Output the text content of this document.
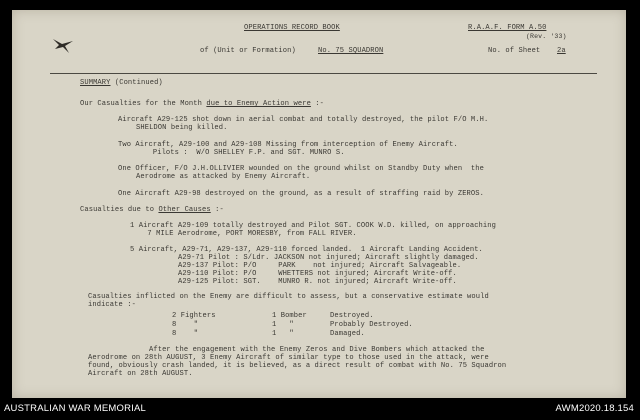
OPERATIONS RECORD BOOK	R.A.A.F. FORM A.50
(Rev. '33)
of (Unit or Formation)	No. 75 SQUADRON	No. of Sheet 2a
SUMMARY (Continued)
Our Casualties for the Month due to Enemy Action were :-
Aircraft A29-125 shot down in aerial combat and totally destroyed, the pilot F/O M.H.
SHELDON being killed.
Two Aircraft, A29-100 and A29-108 Missing from interception of Enemy Aircraft.
Pilots :  W/O SHELLEY F.P. and SGT. MUNRO S.
One Officer, F/O J.H.OLLIVIER wounded on the ground whilst on Standby Duty when  the
Aerodrome as attacked by Enemy Aircraft.
One Aircraft A29-98 destroyed on the ground, as a result of straffing raid by ZEROS.
Casualties due to Other Causes :-
1 Aircraft A29-109 totally destroyed and Pilot SGT. COOK W.D. killed, on approaching
7 MILE Aerodrome, PORT MORESBY, from FALL RIVER.
5 Aircraft, A29-71, A29-137, A29-110 forced landed.  1 Aircraft Landing Accident.
A29-71 Pilot : S/Ldr. JACKSON not injured; Aircraft slightly damaged.
A29-137 Pilot: P/O     PARK    not injured; Aircraft Salvageable.
A29-110 Pilot: P/O     WHETTERS not injured; Aircraft Write-off.
A29-125 Pilot: SGT.    MUNRO R. not injured; Aircraft Write-off.
Casualties inflicted on the Enemy are difficult to assess, but a conservative estimate would
indicate :-
2 Fighters	1 Bomber	Destroyed.
8    "	1   "	Probably Destroyed.
8    "	1   "	Damaged.
After the engagement with the Enemy Zeros and Dive Bombers which attacked the
Aerodrome on 28th AUGUST, 3 Enemy Aircraft of similar type to those used in the attack, were
found, obviously crash landed, it is believed, as a direct result of combat with No. 75 Squadron
Aircraft on 28th AUGUST.
AUSTRALIAN WAR MEMORIAL	AWM2020.18.154
